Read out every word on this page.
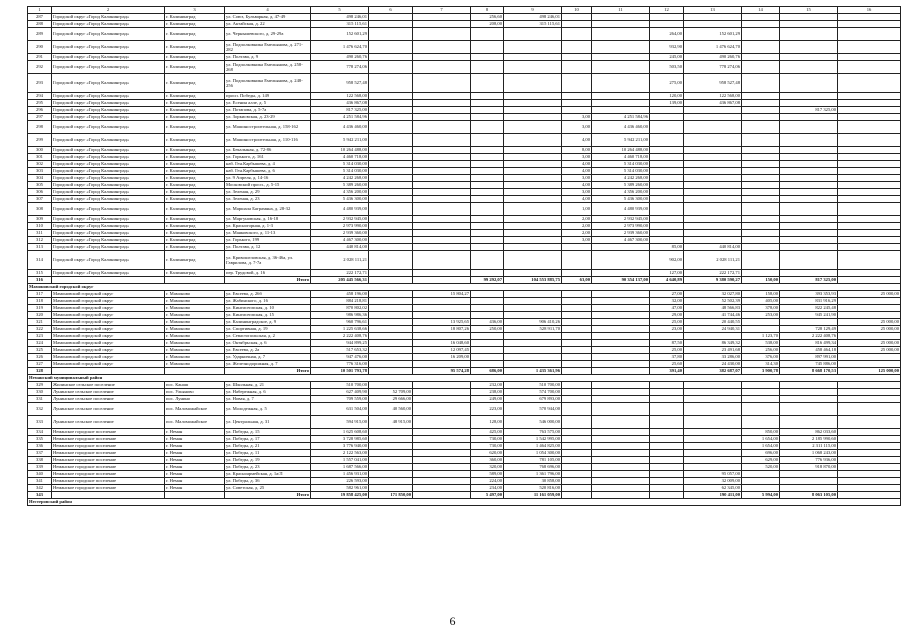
1	2	3	4	5	6	7	8	9	10	11	12	13	14	15	16
287	Городской округ «Город Калининград»	г. Калининград	ул. Союз, Бульварная, д. 47-49	498 246,01			256,60	498 246,01							
288	Городской округ «Город Калининград»	г. Калининград	ул. Актайская, д. 22	315 115,61			208,00	315 115,61							
289	Городской округ «Город Калининград»	г. Калининград	ул. Чернышевского, д. 29-29а	152 601,29							264,00	152 601,29			
290	Городской округ «Город Калининград»	г. Калининград	ул. Подполковника Емельянова, д. 271-282	1 476 624,70							932,90	1 476 624,70			
291	Городской округ «Город Калининград»	г. Калининград	ул. Полтава, д. 9	490 260,76							245,00	490 260,76			
292	Городской округ «Город Калининград»	г. Калининград	ул. Подполковника Емельянова, д. 258-268	778 274,06							503,50	778 274,06			
293	Городской округ «Город Калининград»	г. Калининград	ул. Подполковника Емельянова, д. 248-256	958 527,48							275,00	958 527,48			
294	Городской округ «Город Калининград»	г. Калининград	просп. Победы, д. 149	122 568,00							120,00	122 568,00			
295	Городской округ «Город Калининград»	г. Калининград	ул. Есенин алле, д. 5	436 867,08							139,00	436 867,08			
296	Городской округ «Город Калининград»	г. Калининград	ул. Потапова, д. 5-7а	817 325,00										817 325,00	
297	Городской округ «Город Калининград»	г. Калининград	ул. Зоркиовская, д. 23-29	4 251 584,96					3,00	4 251 584,96					
298	Городской округ «Город Калининград»	г. Калининград	ул. Машиностроительная, д. 158-162	4 436 460,00					3,00	4 436 460,00					
299	Городской округ «Город Калининград»	г. Калининград	ул. Машиностроительная, д. 110-116	5 942 211,00					4,00	5 942 211,00					
300	Городской округ «Город Калининград»	г. Калининград	ул. Бекалыная, д. 72-86	10 264 488,00					8,00	10 264 488,00					
301	Городской округ «Город Калининград»	г. Калининград	ул. Горького, д. 161	4 460 718,00					3,00	4 460 718,00					
302	Городской округ «Город Калининград»	г. Калининград	наб. Ген.Карбышева, д. 4	5 314 030,00					4,00	5 314 030,00					
303	Городской округ «Город Калининград»	г. Калининград	наб. Ген.Карбышева, д. 6	5 314 030,00					4,00	5 314 030,00					
304	Городской округ «Город Калининград»	г. Калининград	ул. 9 Апреля, д. 14-16	4 242 268,00					3,00	4 242 268,00					
305	Городской округ «Город Калининград»	г. Калининград	Московский просп., д. 5-15	5 389 260,00					4,00	5 389 260,00					
306	Городской округ «Город Калининград»	г. Калининград	ул. Зеленая, д. 29	4 356 200,00					3,00	4 356 200,00					
307	Городской округ «Город Калининград»	г. Калининград	ул. Зеленая, д. 23	5 436 300,00					4,00	5 436 300,00					
308	Городской округ «Город Калининград»	г. Калининград	ул. Маршала Баграмяна, д. 28-32	4 480 939,00					1,00	4 480 939,00					
309	Городской округ «Город Калининград»	г. Калининград	ул. Маргуновская, д. 16-18	2 932 945,00					2,00	2 932 945,00					
310	Городской округ «Город Калининград»	г. Калининград	ул. Красногорная, д. 1-3	2 973 990,00					2,00	2 973 990,00					
311	Городской округ «Город Калининград»	г. Калининград	ул. Маяковского, д. 11-13	2 939 360,00					2,00	2 939 360,00					
312	Городской округ «Город Калининград»	г. Калининград	ул. Горького, 199	4 467 300,00					3,00	4 467 300,00					
313	Городской округ «Город Калининград»	г. Калининград	ул. Полтава, д. 12	440 814,00							85,00	440 814,00			
314	Городской округ «Город Калининград»	г. Калининград	ул. Кривошеловская, д. 36-46а, ул. Гаврилова, д. 7-7а	2 028 111,21							902,00	2 028 111,21			
315	Городской округ «Город Калининград»	г. Калининград	пер. Трудовой, д. 16	222 172,71							127,00	222 172,71			
316			Итого	205 445 566,31			99 292,07	104 553 885,75	63,00	90 354 137,00	4 640,89	9 380 590,27	150,00	817 325,00	
Мамоновский городской округ															
317	Мамоновский городской округ	г. Мамоново	ул. Евсеева, д. 26б	458 196,00		15 804,27					27,00	32 027,80	158,00	393 353,93	25 000,00
318	Мамоновский городской округ	г. Мамоново	ул. Жабинского, д. 16	884 218,81							32,00	52 502,39	405,00	831 916,29	
319	Мамоновский городской округ	г. Мамоново	ул. Кингисеппская, д. 10	870 802,02							47,00	48 566,83	378,00	822 245,48	
320	Мамоновский городской округ	г. Мамоново	ул. Кингисеппская, д. 15	986 986,36							29,00	41 744,46	253,00	945 241,90	
321	Мамоновский городской округ	г. Мамоново	ул. Калининградское, д. 9	960 796,61		13 925,65	436,00	906 410,26			25,00	20 440,55			25 000,00
322	Мамоновский городской округ	г. Мамоново	ул. Спортивная, д. 19	1 225 638,66		18 807,26	250,00	528 911,70			23,00	24 940,31		728 129,49	25 000,00
323	Мамоновский городской округ	г. Мамоново	ул. Севастопольская, д. 2	2 222 408,76									1 123,70	2 222 408,76	
324	Мамоновский городской округ	г. Мамоново	ул. Октябрьская, д. 6	944 899,25		16 048,60					87,50	86 349,32	538,00	816 499,34	25 000,00
325	Мамоновский городской округ	г. Мамоново	ул. Евсеева, д. 2а	517 653,32		12 097,45					25,00	23 491,68	256,00	458 464,18	25 000,00
326	Мамоновский городской округ	г. Мамоново	ул. Ударничная, д. 7	947 476,00		16 209,00					37,80	33 286,00	376,00	897 991,00	
327	Мамоновский городской округ	г. Мамоново	ул. Железнодорожная, д. 7	776 316,00							25,60	24 430,00	314,30	745 886,00	
328			Итого	10 501 793,78		95 574,28	686,00	1 435 361,96			391,40	382 687,07	3 900,78	8 668 170,53	125 000,00
Неманский муниципальный район															
329	Жилинское сельское поселение	пос. Канаш	ул. Школьная, д. 21	510 700,00			232,00	510 700,00							
330	Лунинское сельское поселение	пос. Ульяново	ул. Набережная, д. 6	627 409,90	52 709,00		238,00	574 700,00							
331	Лунинское сельское поселение	пос. Лунино	ул. Новая, д. 7	709 559,00	29 666,00		249,00	679 893,00							
332	Лунинское сельское поселение	пос. Маломожайское	ул. Молодежная, д. 5	631 504,00	40 560,00		223,00	570 944,00							
333	Лунинское сельское поселение	пос. Маломожайское	ул. Центральная, д. 31	594 915,00	48 915,00		128,00	546 000,00							
334	Неманское городское поселение	г. Неман	ул. Победы, д. 15	1 625 608,60			425,00	763 575,00					850,00	862 033,60	
335	Неманское городское поселение	г. Неман	ул. Победы, д. 17	3 728 985,60			730,00	1 542 995,00					1 654,00	2 185 990,60	
336	Неманское городское поселение	г. Неман	ул. Победы, д. 21	3 776 940,00			730,00	1 464 825,00					1 654,00	2 311 115,00	
337	Неманское городское поселение	г. Неман	ул. Победы, д. 11	2 122 563,00			620,00	1 054 300,00					696,00	1 068 243,00	
338	Неманское городское поселение	г. Неман	ул. Победы, д. 19	1 557 041,00			360,00	781 105,00					629,00	776 936,00	
339	Неманское городское поселение	г. Неман	ул. Победы, д. 23	1 687 566,00			320,00	768 696,00					520,00	918 870,00	
340	Неманское городское поселение	г. Неман	ул. Красноармейская, д. 1а/Л	1 456 931,00			589,00	1 361 796,00				95 057,00			
341	Неманское городское поселение	г. Неман	ул. Победы, д. 36	226 593,00			224,00	30 858,00				32 009,00			
342	Неманское городское поселение	г. Неман	ул. Советская, д. 25	582 961,00			234,00	520 816,00				62 345,00			
343			Итого	19 858 425,00	171 850,00		5 497,00	11 161 059,00				190 411,00	5 994,00	8 063 105,00	
Нестеровский район															
6
